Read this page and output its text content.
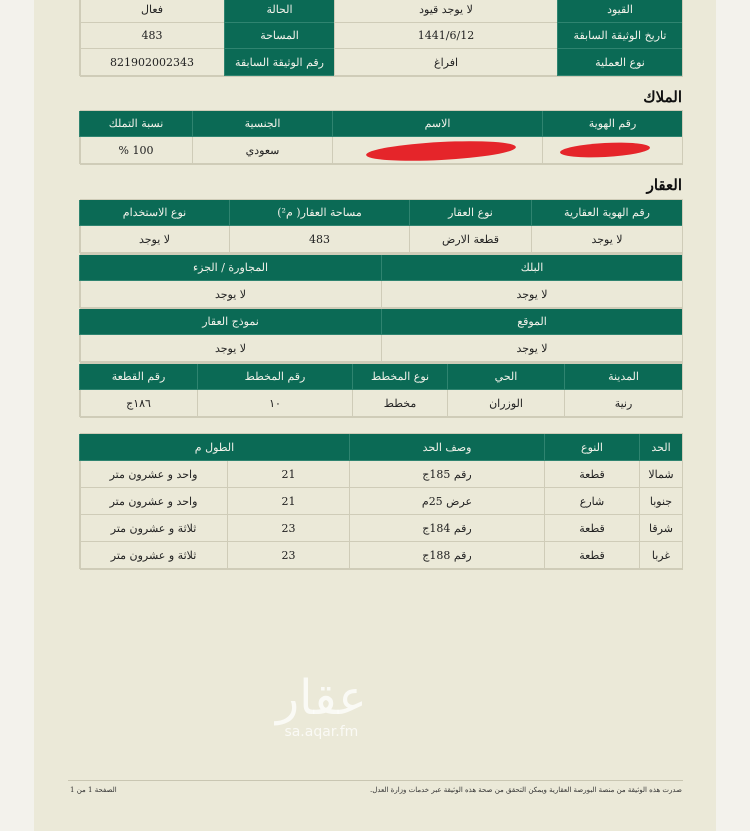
القيود
لا يوجد قيود
الحالة
فعال
تاريخ الوثيقة السابقة
1441/6/12
المساحة
483
نوع العملية
افراغ
رقم الوثيقة السابقة
821902002343
الملاك
رقم الهوية
الاسم
الجنسية
نسبة التملك
سعودي
100 %
العقار
رقم الهوية العقارية
نوع العقار
مساحة العقار( م²)
نوع الاستخدام
لا يوجد
قطعة الارض
483
لا يوجد
البلك
المجاورة / الجزء
لا يوجد
لا يوجد
الموقع
نموذج العقار
لا يوجد
لا يوجد
المدينة
الحي
نوع المخطط
رقم المخطط
رقم القطعة
رنية
الوزران
مخطط
١٠
١٨٦ج
الحد
النوع
وصف الحد
الطول م
شمالا
قطعة
رقم 185ج
21
واحد و عشرون متر
جنوبا
شارع
عرض 25م
21
واحد و عشرون متر
شرقا
قطعة
رقم 184ج
23
ثلاثة و عشرون متر
غربا
قطعة
رقم 188ج
23
ثلاثة و عشرون متر
عقار
sa.aqar.fm
صدرت هذه الوثيقة من منصة البورصة العقارية ويمكن التحقق من صحة هذه الوثيقة عبر خدمات وزارة العدل.
الصفحة 1 من 1
